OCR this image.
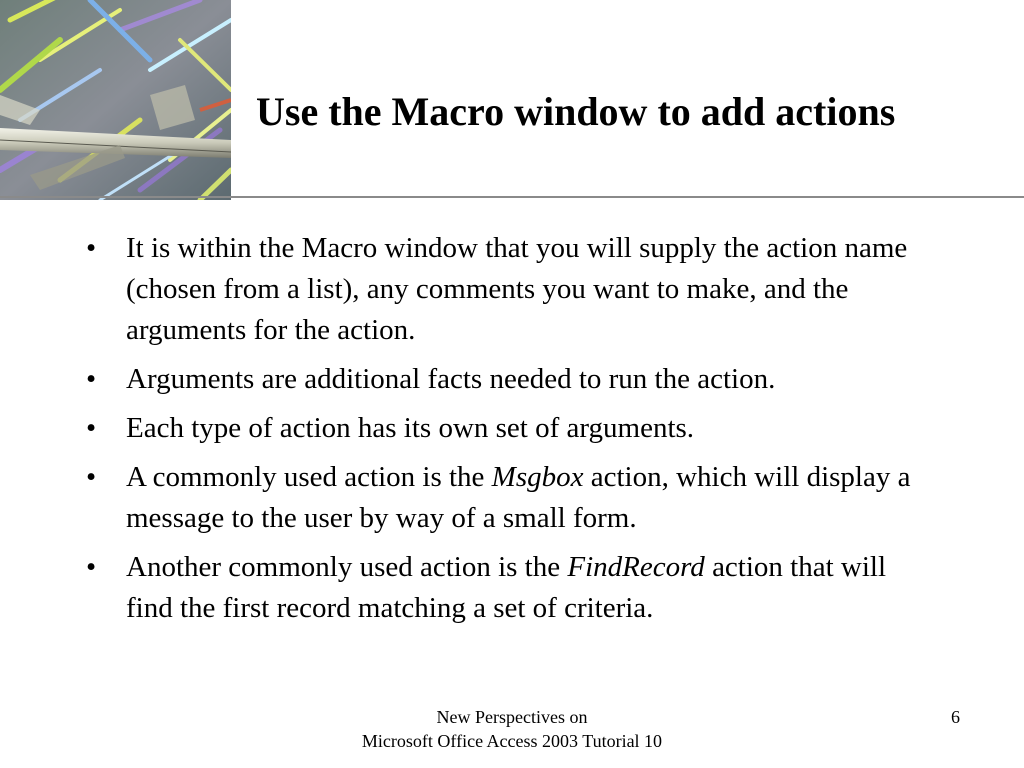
Use the Macro window to add actions
•	It is within the Macro window that you will supply the action name (chosen from a list), any comments you want to make, and the arguments for the action.
•	Arguments are additional facts needed to run the action.
•	Each type of action has its own set of arguments.
•	A commonly used action is the Msgbox action, which will display a message to the user by way of a small form.
•	Another commonly used action is the FindRecord action that will find the first record matching a set of criteria.
New Perspectives on
Microsoft Office Access 2003 Tutorial 10
6
